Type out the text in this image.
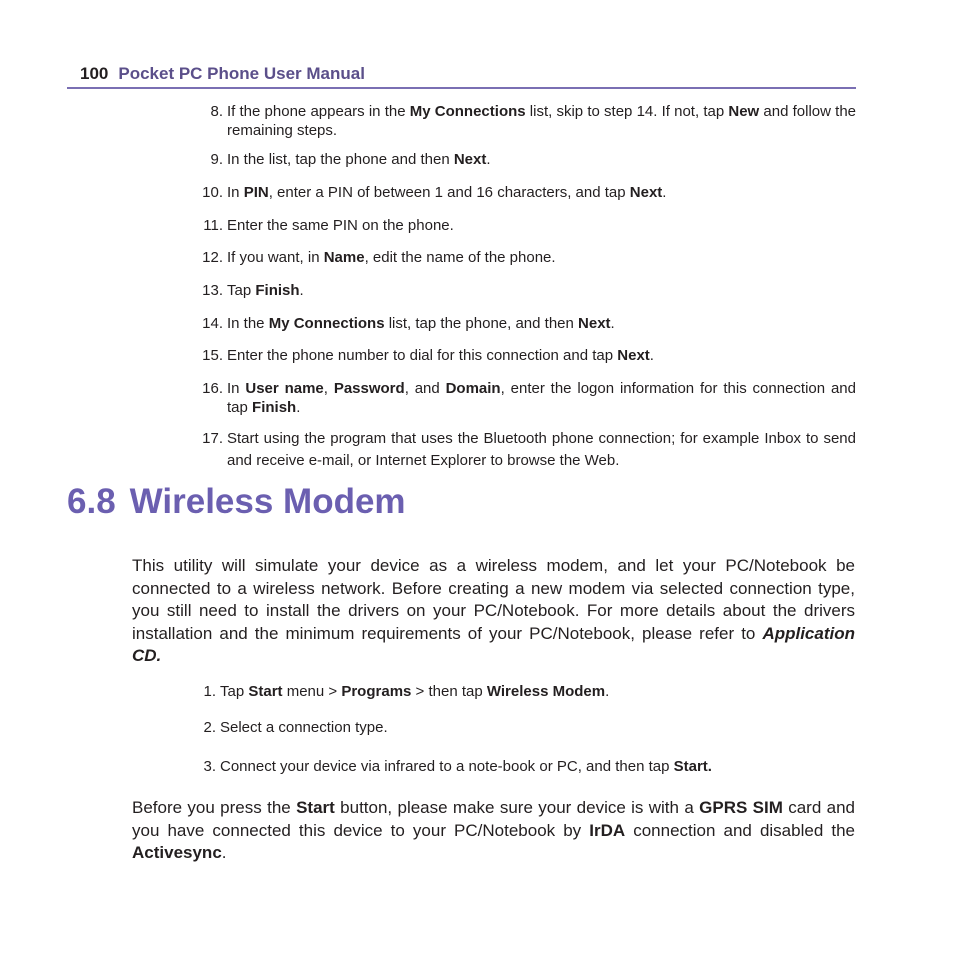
100 Pocket PC Phone User Manual
8. If the phone appears in the My Connections list, skip to step 14. If not, tap New and follow the remaining steps.
9. In the list, tap the phone and then Next.
10. In PIN, enter a PIN of between 1 and 16 characters, and tap Next.
11. Enter the same PIN on the phone.
12. If you want, in Name, edit the name of the phone.
13. Tap Finish.
14. In the My Connections list, tap the phone, and then Next.
15. Enter the phone number to dial for this connection and tap Next.
16. In User name, Password, and Domain, enter the logon information for this connection and tap Finish.
17. Start using the program that uses the Bluetooth phone connection; for example Inbox to send and receive e-mail, or Internet Explorer to browse the Web.
6.8 Wireless Modem

This utility will simulate your device as a wireless modem, and let your PC/Notebook be connected to a wireless network. Before creating a new modem via selected connection type, you still need to install the drivers on your PC/Notebook. For more details about the drivers installation and the minimum requirements of your PC/Notebook, please refer to Application CD.

1. Tap Start menu > Programs > then tap Wireless Modem.
2. Select a connection type.
3. Connect your device via infrared to a note-book or PC, and then tap Start.

Before you press the Start button, please make sure your device is with a GPRS SIM card and you have connected this device to your PC/Notebook by IrDA connection and disabled the Activesync.
